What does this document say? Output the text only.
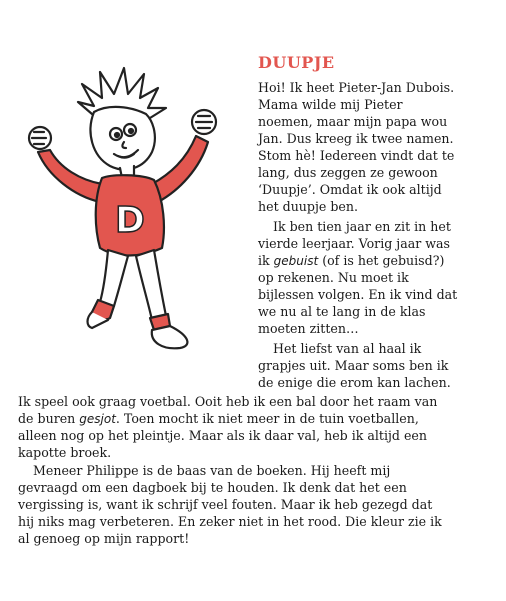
D
DUUPJE
Hoi! Ik heet Pieter-Jan Dubois.
Mama wilde mij Pieter
noemen, maar mijn papa wou
Jan. Dus kreeg ik twee namen.
Stom hè! Iedereen vindt dat te
lang, dus zeggen ze gewoon
‘Duupje’. Omdat ik ook altijd
het duupje ben.
Ik ben tien jaar en zit in het
vierde leerjaar. Vorig jaar was
ik gebuist (of is het gebuisd?)
op rekenen. Nu moet ik
bijlessen volgen. En ik vind dat
we nu al te lang in de klas
moeten zitten…
Het liefst van al haal ik
grapjes uit. Maar soms ben ik
de enige die erom kan lachen.
Ik speel ook graag voetbal. Ooit heb ik een bal door het raam van
de buren gesjot. Toen mocht ik niet meer in de tuin voetballen,
alleen nog op het pleintje. Maar als ik daar val, heb ik altijd een
kapotte broek.
Meneer Philippe is de baas van de boeken. Hij heeft mij
gevraagd om een dagboek bij te houden. Ik denk dat het een
vergissing is, want ik schrijf veel fouten. Maar ik heb gezegd dat
hij niks mag verbeteren. En zeker niet in het rood. Die kleur zie ik
al genoeg op mijn rapport!
